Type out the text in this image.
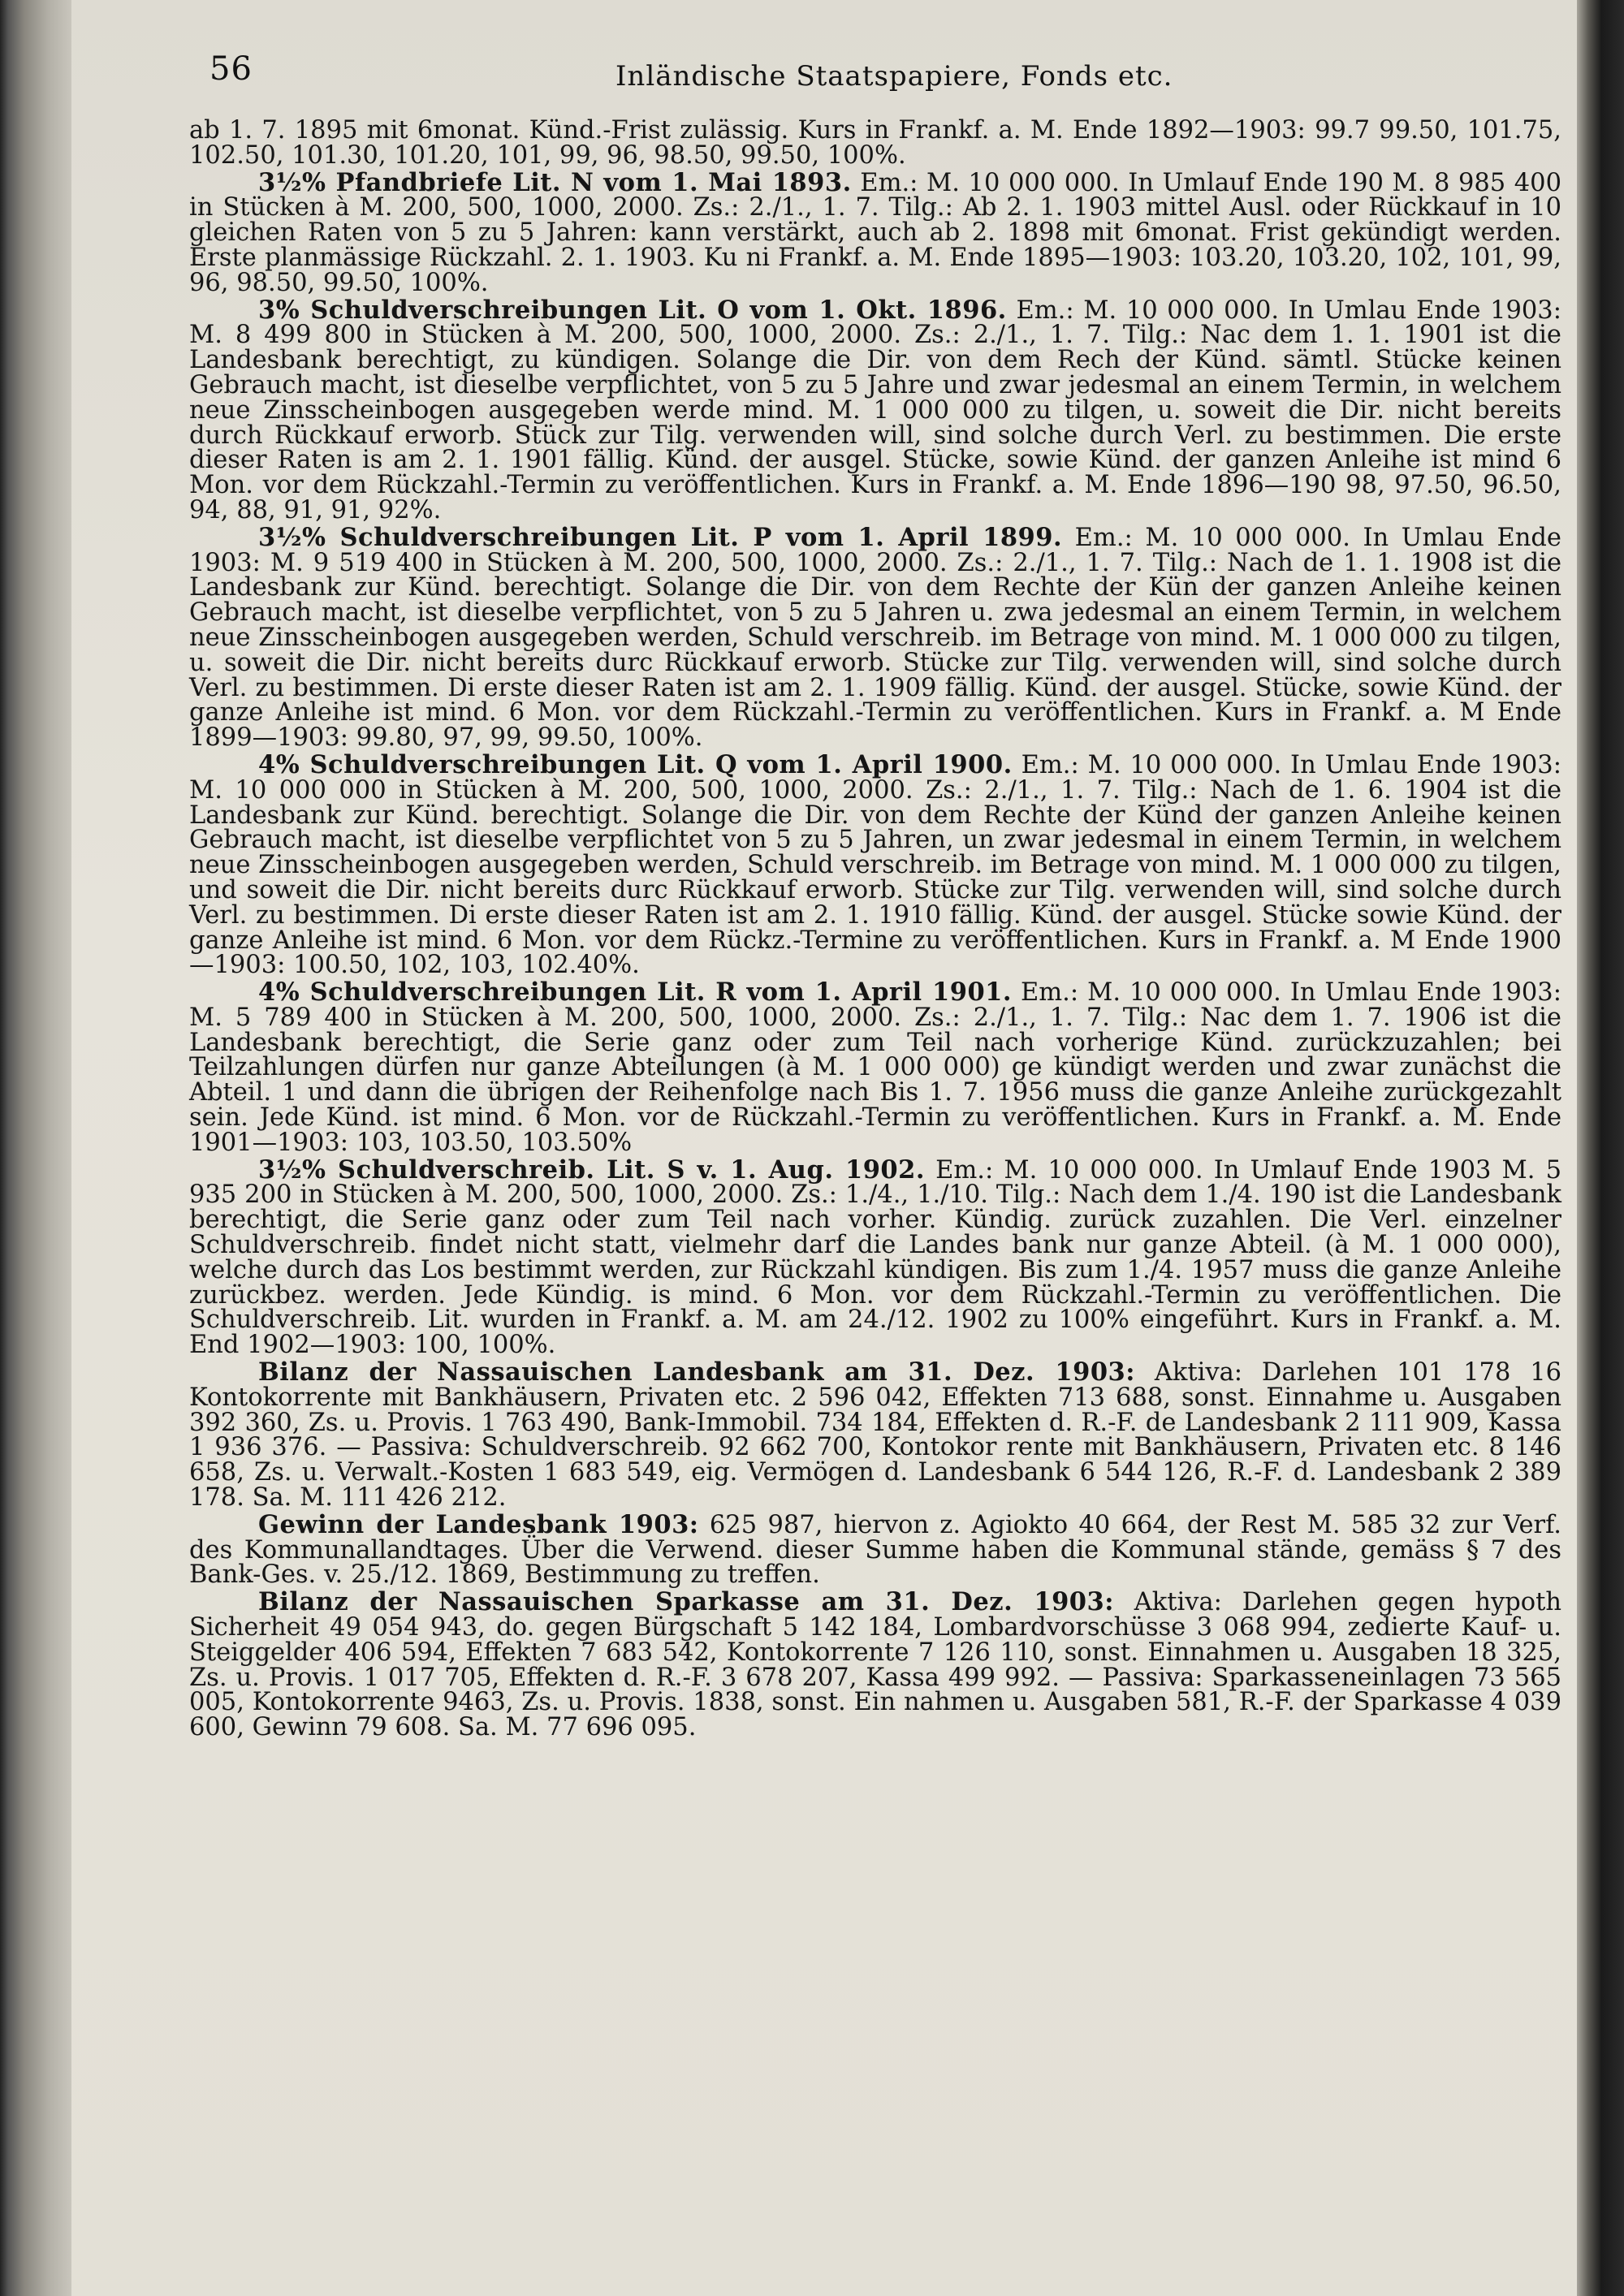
56	Inländische Staatspapiere, Fonds etc.

ab 1. 7. 1895 mit 6monat. Künd.-Frist zulässig. Kurs in Frankf. a. M. Ende 1892—1903: 99.7 99.50, 101.75, 102.50, 101.30, 101.20, 101, 99, 96, 98.50, 99.50, 100%.

3½% Pfandbriefe Lit. N vom 1. Mai 1893. Em.: M. 10 000 000. In Umlauf Ende 190 M. 8 985 400 in Stücken à M. 200, 500, 1000, 2000. Zs.: 2./1., 1. 7. Tilg.: Ab 2. 1. 1903 mittel Ausl. oder Rückkauf in 10 gleichen Raten von 5 zu 5 Jahren: kann verstärkt, auch ab 2. 1898 mit 6monat. Frist gekündigt werden. Erste planmässige Rückzahl. 2. 1. 1903. Ku ni Frankf. a. M. Ende 1895—1903: 103.20, 103.20, 102, 101, 99, 96, 98.50, 99.50, 100%.

3% Schuldverschreibungen Lit. O vom 1. Okt. 1896. Em.: M. 10 000 000. In Umlau Ende 1903: M. 8 499 800 in Stücken à M. 200, 500, 1000, 2000. Zs.: 2./1., 1. 7. Tilg.: Nac dem 1. 1. 1901 ist die Landesbank berechtigt, zu kündigen. Solange die Dir. von dem Rech der Künd. sämtl. Stücke keinen Gebrauch macht, ist dieselbe verpflichtet, von 5 zu 5 Jahre und zwar jedesmal an einem Termin, in welchem neue Zinsscheinbogen ausgegeben werde mind. M. 1 000 000 zu tilgen, u. soweit die Dir. nicht bereits durch Rückkauf erworb. Stück zur Tilg. verwenden will, sind solche durch Verl. zu bestimmen. Die erste dieser Raten is am 2. 1. 1901 fällig. Künd. der ausgel. Stücke, sowie Künd. der ganzen Anleihe ist mind 6 Mon. vor dem Rückzahl.-Termin zu veröffentlichen. Kurs in Frankf. a. M. Ende 1896—190 98, 97.50, 96.50, 94, 88, 91, 91, 92%.

3½% Schuldverschreibungen Lit. P vom 1. April 1899. Em.: M. 10 000 000. In Umlau Ende 1903: M. 9 519 400 in Stücken à M. 200, 500, 1000, 2000. Zs.: 2./1., 1. 7. Tilg.: Nach de 1. 1. 1908 ist die Landesbank zur Künd. berechtigt. Solange die Dir. von dem Rechte der Kün der ganzen Anleihe keinen Gebrauch macht, ist dieselbe verpflichtet, von 5 zu 5 Jahren u. zwa jedesmal an einem Termin, in welchem neue Zinsscheinbogen ausgegeben werden, Schuld verschreib. im Betrage von mind. M. 1 000 000 zu tilgen, u. soweit die Dir. nicht bereits durc Rückkauf erworb. Stücke zur Tilg. verwenden will, sind solche durch Verl. zu bestimmen. Di erste dieser Raten ist am 2. 1. 1909 fällig. Künd. der ausgel. Stücke, sowie Künd. der ganze Anleihe ist mind. 6 Mon. vor dem Rückzahl.-Termin zu veröffentlichen. Kurs in Frankf. a. M Ende 1899—1903: 99.80, 97, 99, 99.50, 100%.

4% Schuldverschreibungen Lit. Q vom 1. April 1900. Em.: M. 10 000 000. In Umlau Ende 1903: M. 10 000 000 in Stücken à M. 200, 500, 1000, 2000. Zs.: 2./1., 1. 7. Tilg.: Nach de 1. 6. 1904 ist die Landesbank zur Künd. berechtigt. Solange die Dir. von dem Rechte der Künd der ganzen Anleihe keinen Gebrauch macht, ist dieselbe verpflichtet von 5 zu 5 Jahren, un zwar jedesmal in einem Termin, in welchem neue Zinsscheinbogen ausgegeben werden, Schuld verschreib. im Betrage von mind. M. 1 000 000 zu tilgen, und soweit die Dir. nicht bereits durc Rückkauf erworb. Stücke zur Tilg. verwenden will, sind solche durch Verl. zu bestimmen. Di erste dieser Raten ist am 2. 1. 1910 fällig. Künd. der ausgel. Stücke sowie Künd. der ganze Anleihe ist mind. 6 Mon. vor dem Rückz.-Termine zu veröffentlichen. Kurs in Frankf. a. M Ende 1900—1903: 100.50, 102, 103, 102.40%.

4% Schuldverschreibungen Lit. R vom 1. April 1901. Em.: M. 10 000 000. In Umlau Ende 1903: M. 5 789 400 in Stücken à M. 200, 500, 1000, 2000. Zs.: 2./1., 1. 7. Tilg.: Nac dem 1. 7. 1906 ist die Landesbank berechtigt, die Serie ganz oder zum Teil nach vorherige Künd. zurückzuzahlen; bei Teilzahlungen dürfen nur ganze Abteilungen (à M. 1 000 000) ge kündigt werden und zwar zunächst die Abteil. 1 und dann die übrigen der Reihenfolge nach Bis 1. 7. 1956 muss die ganze Anleihe zurückgezahlt sein. Jede Künd. ist mind. 6 Mon. vor de Rückzahl.-Termin zu veröffentlichen. Kurs in Frankf. a. M. Ende 1901—1903: 103, 103.50, 103.50%

3½% Schuldverschreib. Lit. S v. 1. Aug. 1902. Em.: M. 10 000 000. In Umlauf Ende 1903 M. 5 935 200 in Stücken à M. 200, 500, 1000, 2000. Zs.: 1./4., 1./10. Tilg.: Nach dem 1./4. 190 ist die Landesbank berechtigt, die Serie ganz oder zum Teil nach vorher. Kündig. zurück zuzahlen. Die Verl. einzelner Schuldverschreib. findet nicht statt, vielmehr darf die Landes bank nur ganze Abteil. (à M. 1 000 000), welche durch das Los bestimmt werden, zur Rückzahl kündigen. Bis zum 1./4. 1957 muss die ganze Anleihe zurückbez. werden. Jede Kündig. is mind. 6 Mon. vor dem Rückzahl.-Termin zu veröffentlichen. Die Schuldverschreib. Lit. wurden in Frankf. a. M. am 24./12. 1902 zu 100% eingeführt. Kurs in Frankf. a. M. End 1902—1903: 100, 100%.

Bilanz der Nassauischen Landesbank am 31. Dez. 1903: Aktiva: Darlehen 101 178 16 Kontokorrente mit Bankhäusern, Privaten etc. 2 596 042, Effekten 713 688, sonst. Einnahme u. Ausgaben 392 360, Zs. u. Provis. 1 763 490, Bank-Immobil. 734 184, Effekten d. R.-F. de Landesbank 2 111 909, Kassa 1 936 376. — Passiva: Schuldverschreib. 92 662 700, Kontokor rente mit Bankhäusern, Privaten etc. 8 146 658, Zs. u. Verwalt.-Kosten 1 683 549, eig. Vermögen d. Landesbank 6 544 126, R.-F. d. Landesbank 2 389 178. Sa. M. 111 426 212.

Gewinn der Landesbank 1903: 625 987, hiervon z. Agiokto 40 664, der Rest M. 585 32 zur Verf. des Kommunallandtages. Über die Verwend. dieser Summe haben die Kommunal stände, gemäss § 7 des Bank-Ges. v. 25./12. 1869, Bestimmung zu treffen.

Bilanz der Nassauischen Sparkasse am 31. Dez. 1903: Aktiva: Darlehen gegen hypoth Sicherheit 49 054 943, do. gegen Bürgschaft 5 142 184, Lombardvorschüsse 3 068 994, zedierte Kauf- u. Steiggelder 406 594, Effekten 7 683 542, Kontokorrente 7 126 110, sonst. Einnahmen u. Ausgaben 18 325, Zs. u. Provis. 1 017 705, Effekten d. R.-F. 3 678 207, Kassa 499 992. — Passiva: Sparkasseneinlagen 73 565 005, Kontokorrente 9463, Zs. u. Provis. 1838, sonst. Ein nahmen u. Ausgaben 581, R.-F. der Sparkasse 4 039 600, Gewinn 79 608. Sa. M. 77 696 095.
